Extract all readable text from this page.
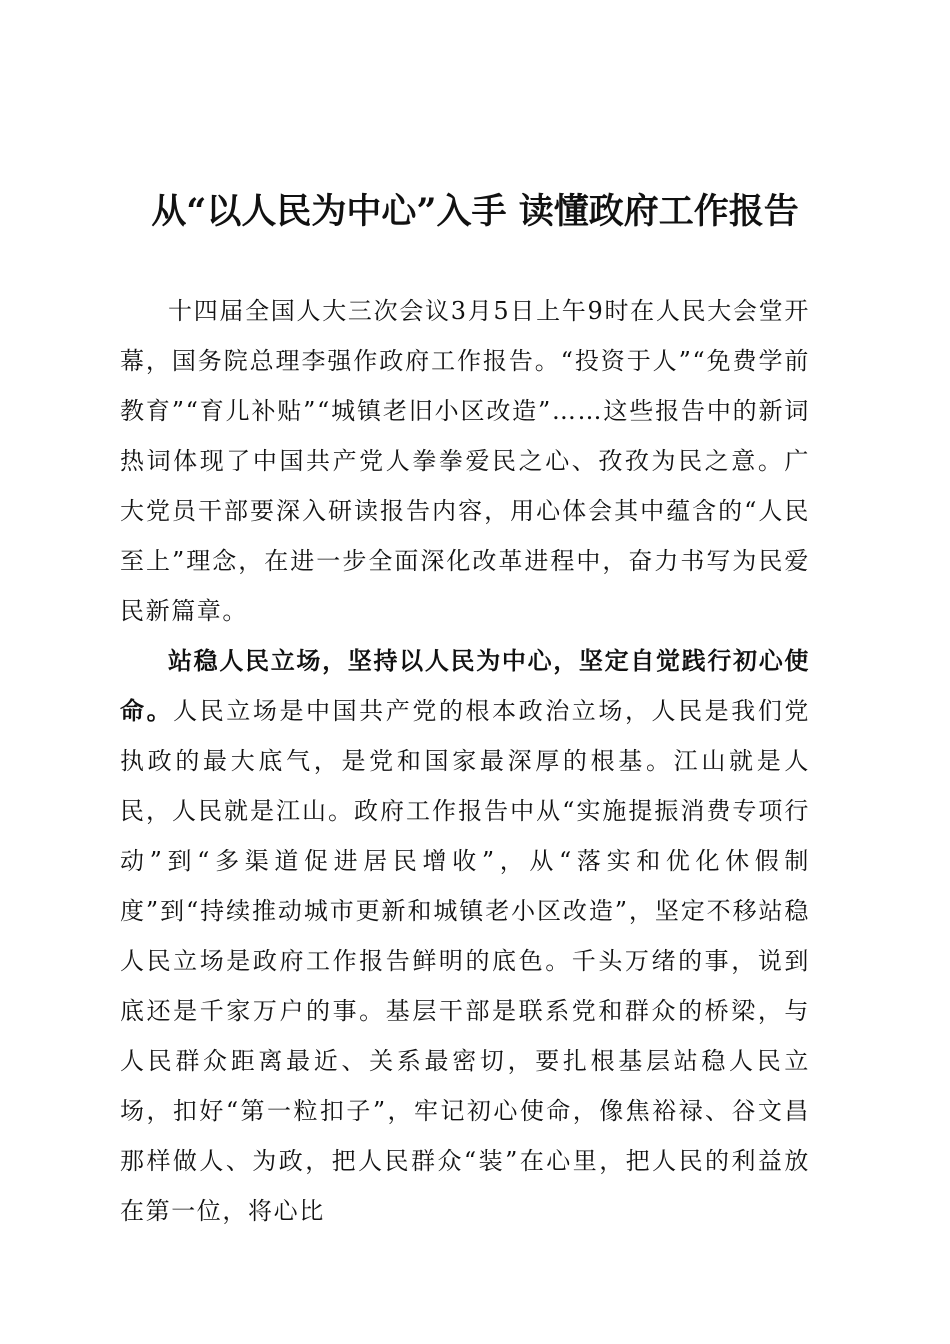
从“以人民为中心”入手 读懂政府工作报告

十四届全国人大三次会议3月5日上午9时在人民大会堂开幕，国务院总理李强作政府工作报告。“投资于人”“免费学前教育”“育儿补贴”“城镇老旧小区改造”……这些报告中的新词热词体现了中国共产党人拳拳爱民之心、孜孜为民之意。广大党员干部要深入研读报告内容，用心体会其中蕴含的“人民至上”理念，在进一步全面深化改革进程中，奋力书写为民爱民新篇章。

站稳人民立场，坚持以人民为中心，坚定自觉践行初心使命。人民立场是中国共产党的根本政治立场，人民是我们党执政的最大底气，是党和国家最深厚的根基。江山就是人民，人民就是江山。政府工作报告中从“实施提振消费专项行动”到“多渠道促进居民增收”，从“落实和优化休假制度”到“持续推动城市更新和城镇老小区改造”，坚定不移站稳人民立场是政府工作报告鲜明的底色。千头万绪的事，说到底还是千家万户的事。基层干部是联系党和群众的桥梁，与人民群众距离最近、关系最密切，要扎根基层站稳人民立场，扣好“第一粒扣子”，牢记初心使命，像焦裕禄、谷文昌那样做人、为政，把人民群众“装”在心里，把人民的利益放在第一位，将心比
